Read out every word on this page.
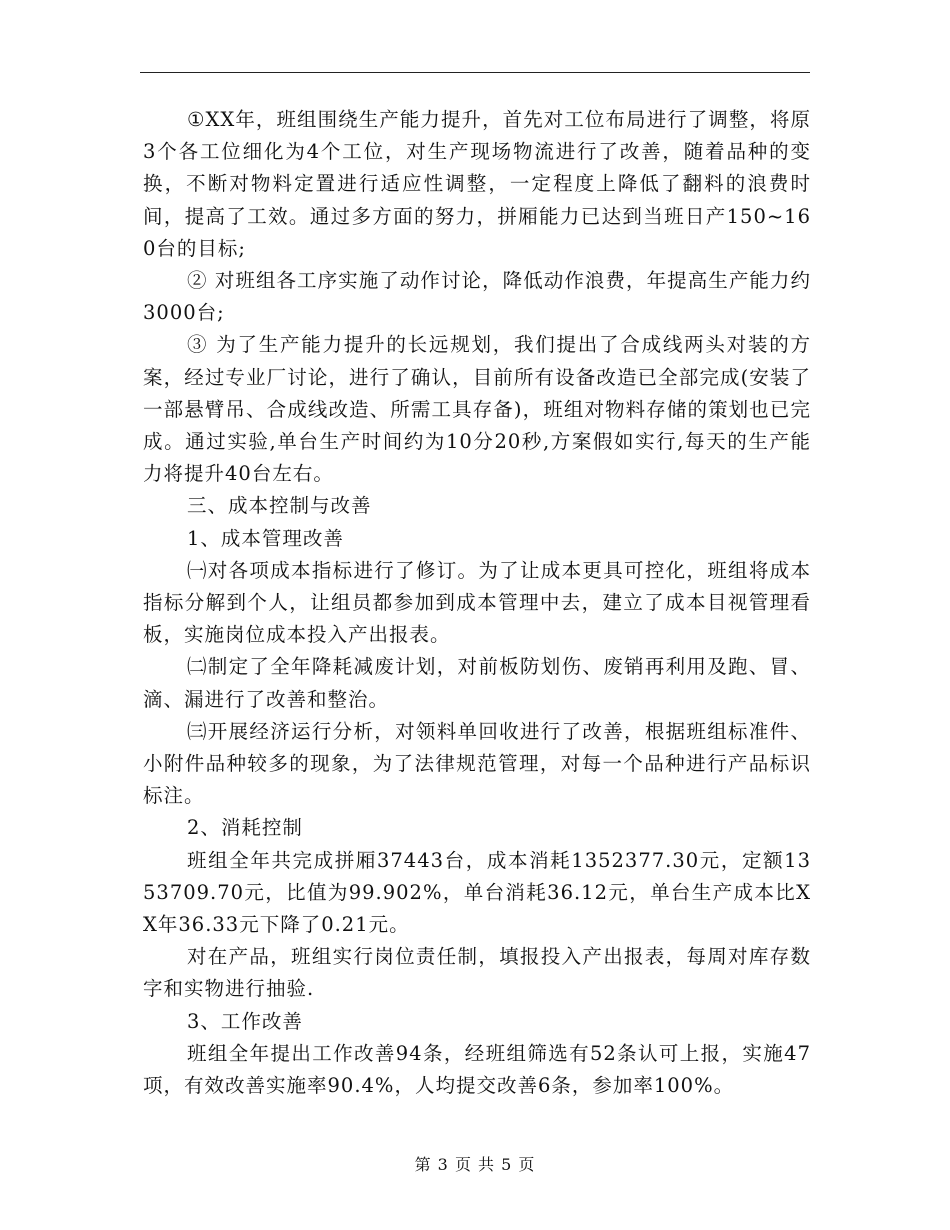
①XX年，班组围绕生产能力提升，首先对工位布局进行了调整，将原3个各工位细化为4个工位，对生产现场物流进行了改善，随着品种的变换，不断对物料定置进行适应性调整，一定程度上降低了翻料的浪费时间，提高了工效。通过多方面的努力，拼厢能力已达到当班日产150~160台的目标;

② 对班组各工序实施了动作讨论，降低动作浪费，年提高生产能力约3000台;

③ 为了生产能力提升的长远规划，我们提出了合成线两头对装的方案，经过专业厂讨论，进行了确认，目前所有设备改造已全部完成(安装了一部悬臂吊、合成线改造、所需工具存备)，班组对物料存储的策划也已完成。通过实验,单台生产时间约为10分20秒,方案假如实行,每天的生产能力将提升40台左右。

三、成本控制与改善

1、成本管理改善

㈠对各项成本指标进行了修订。为了让成本更具可控化，班组将成本指标分解到个人，让组员都参加到成本管理中去，建立了成本目视管理看板，实施岗位成本投入产出报表。

㈡制定了全年降耗减废计划，对前板防划伤、废销再利用及跑、冒、滴、漏进行了改善和整治。

㈢开展经济运行分析，对领料单回收进行了改善，根据班组标准件、小附件品种较多的现象，为了法律规范管理，对每一个品种进行产品标识标注。

2、消耗控制

班组全年共完成拼厢37443台，成本消耗1352377.30元，定额1353709.70元，比值为99.902%，单台消耗36.12元，单台生产成本比XX年36.33元下降了0.21元。

对在产品，班组实行岗位责任制，填报投入产出报表，每周对库存数字和实物进行抽验.

3、工作改善

班组全年提出工作改善94条，经班组筛选有52条认可上报，实施47项，有效改善实施率90.4%，人均提交改善6条，参加率100%。

第 3 页 共 5 页
